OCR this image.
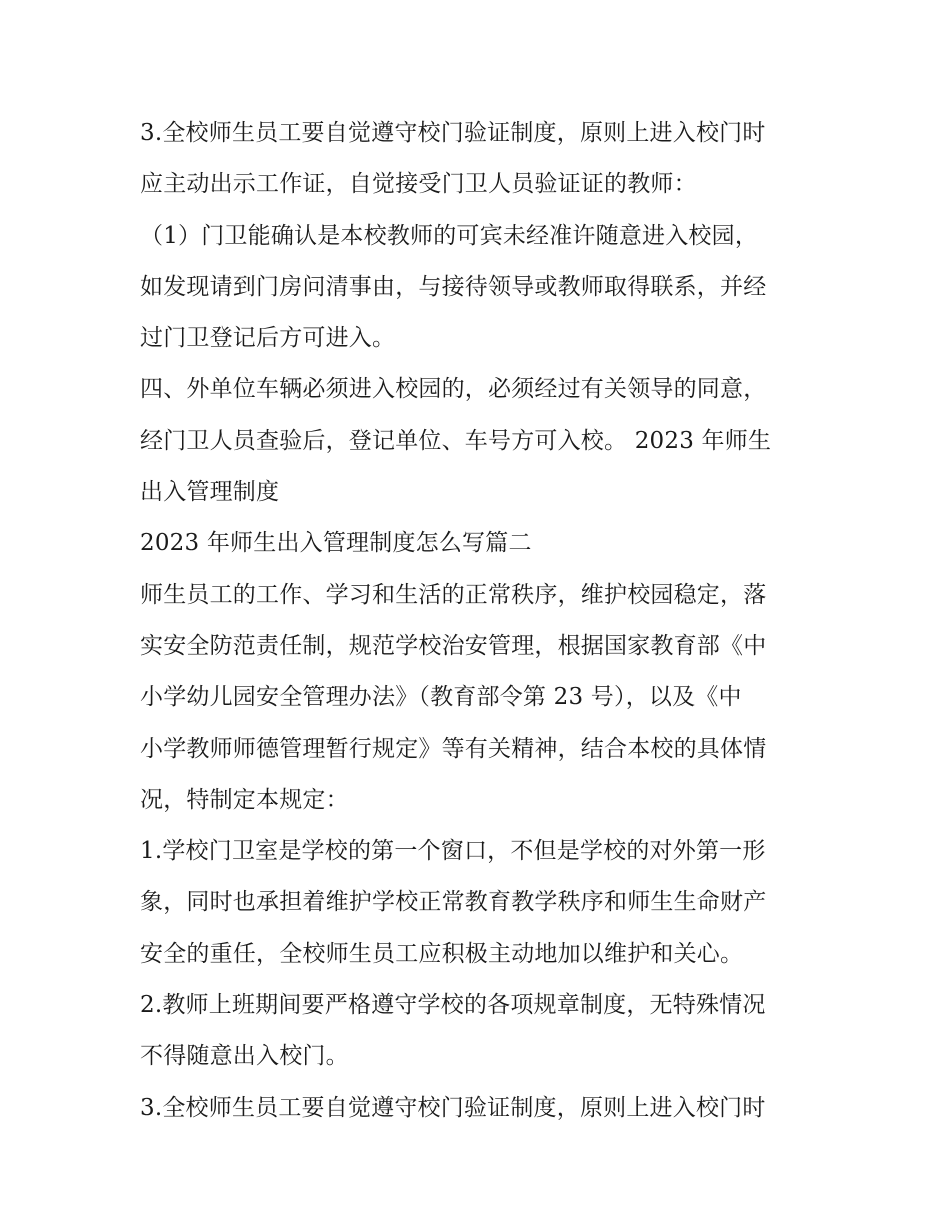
3.全校师生员工要自觉遵守校门验证制度，原则上进入校门时
应主动出示工作证，自觉接受门卫人员验证证的教师：
（1）门卫能确认是本校教师的可宾未经准许随意进入校园，
如发现请到门房问清事由，与接待领导或教师取得联系，并经
过门卫登记后方可进入。
四、外单位车辆必须进入校园的，必须经过有关领导的同意，
经门卫人员查验后，登记单位、车号方可入校。 2023 年师生
出入管理制度
2023 年师生出入管理制度怎么写篇二
师生员工的工作、学习和生活的正常秩序，维护校园稳定，落
实安全防范责任制，规范学校治安管理，根据国家教育部《中
小学幼儿园安全管理办法》（教育部令第 23 号），以及《中
小学教师师德管理暂行规定》等有关精神，结合本校的具体情
况，特制定本规定：
1.学校门卫室是学校的第一个窗口，不但是学校的对外第一形
象，同时也承担着维护学校正常教育教学秩序和师生生命财产
安全的重任，全校师生员工应积极主动地加以维护和关心。
2.教师上班期间要严格遵守学校的各项规章制度，无特殊情况
不得随意出入校门。
3.全校师生员工要自觉遵守校门验证制度，原则上进入校门时
